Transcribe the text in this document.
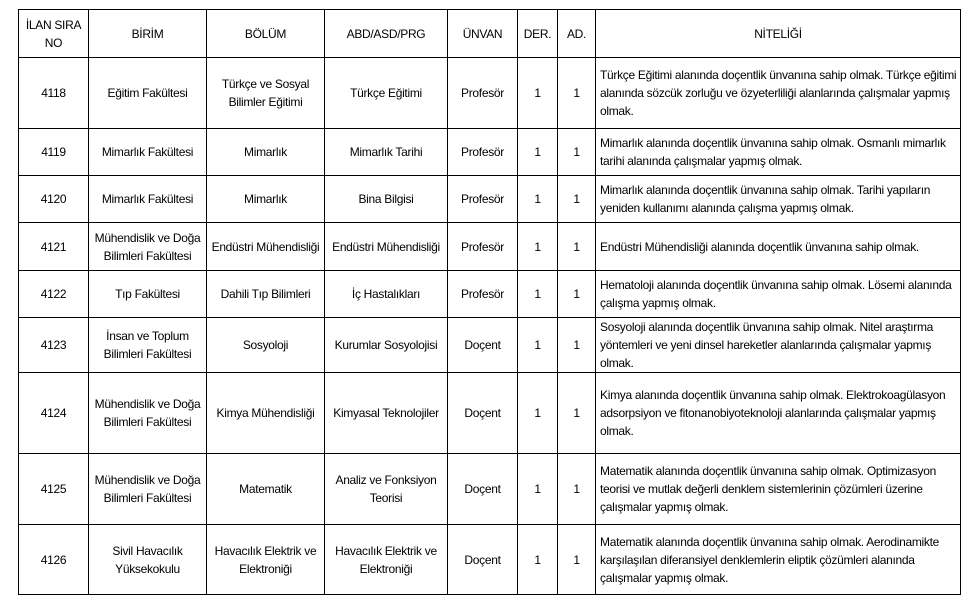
İLAN SIRA NO	BİRİM	BÖLÜM	ABD/ASD/PRG	ÜNVAN	DER.	AD.	NİTELİĞİ
4118	Eğitim Fakültesi	Türkçe ve Sosyal Bilimler Eğitimi	Türkçe Eğitimi	Profesör	1	1	Türkçe Eğitimi alanında doçentlik ünvanına sahip olmak. Türkçe eğitimi alanında sözcük zorluğu ve özyeterliliği alanlarında çalışmalar yapmış olmak.
4119	Mimarlık Fakültesi	Mimarlık	Mimarlık Tarihi	Profesör	1	1	Mimarlık alanında doçentlik ünvanına sahip olmak. Osmanlı mimarlık tarihi alanında çalışmalar yapmış olmak.
4120	Mimarlık Fakültesi	Mimarlık	Bina Bilgisi	Profesör	1	1	Mimarlık alanında doçentlik ünvanına sahip olmak. Tarihi yapıların yeniden kullanımı alanında çalışma yapmış olmak.
4121	Mühendislik ve Doğa Bilimleri Fakültesi	Endüstri Mühendisliği	Endüstri Mühendisliği	Profesör	1	1	Endüstri Mühendisliği alanında doçentlik ünvanına sahip olmak.
4122	Tıp Fakültesi	Dahili Tıp Bilimleri	İç Hastalıkları	Profesör	1	1	Hematoloji alanında doçentlik ünvanına sahip olmak. Lösemi alanında çalışma yapmış olmak.
4123	İnsan ve Toplum Bilimleri Fakültesi	Sosyoloji	Kurumlar Sosyolojisi	Doçent	1	1	Sosyoloji alanında doçentlik ünvanına sahip olmak. Nitel araştırma yöntemleri ve yeni dinsel hareketler alanlarında çalışmalar yapmış olmak.
4124	Mühendislik ve Doğa Bilimleri Fakültesi	Kimya Mühendisliği	Kimyasal Teknolojiler	Doçent	1	1	Kimya alanında doçentlik ünvanına sahip olmak. Elektrokoagülasyon adsorpsiyon ve fitonanobiyoteknoloji alanlarında çalışmalar yapmış olmak.
4125	Mühendislik ve Doğa Bilimleri Fakültesi	Matematik	Analiz ve Fonksiyon Teorisi	Doçent	1	1	Matematik alanında doçentlik ünvanına sahip olmak. Optimizasyon teorisi ve mutlak değerli denklem sistemlerinin çözümleri üzerine çalışmalar yapmış olmak.
4126	Sivil Havacılık Yüksekokulu	Havacılık Elektrik ve Elektroniği	Havacılık Elektrik ve Elektroniği	Doçent	1	1	Matematik alanında doçentlik ünvanına sahip olmak. Aerodinamikte karşılaşılan diferansiyel denklemlerin eliptik çözümleri alanında çalışmalar yapmış olmak.
